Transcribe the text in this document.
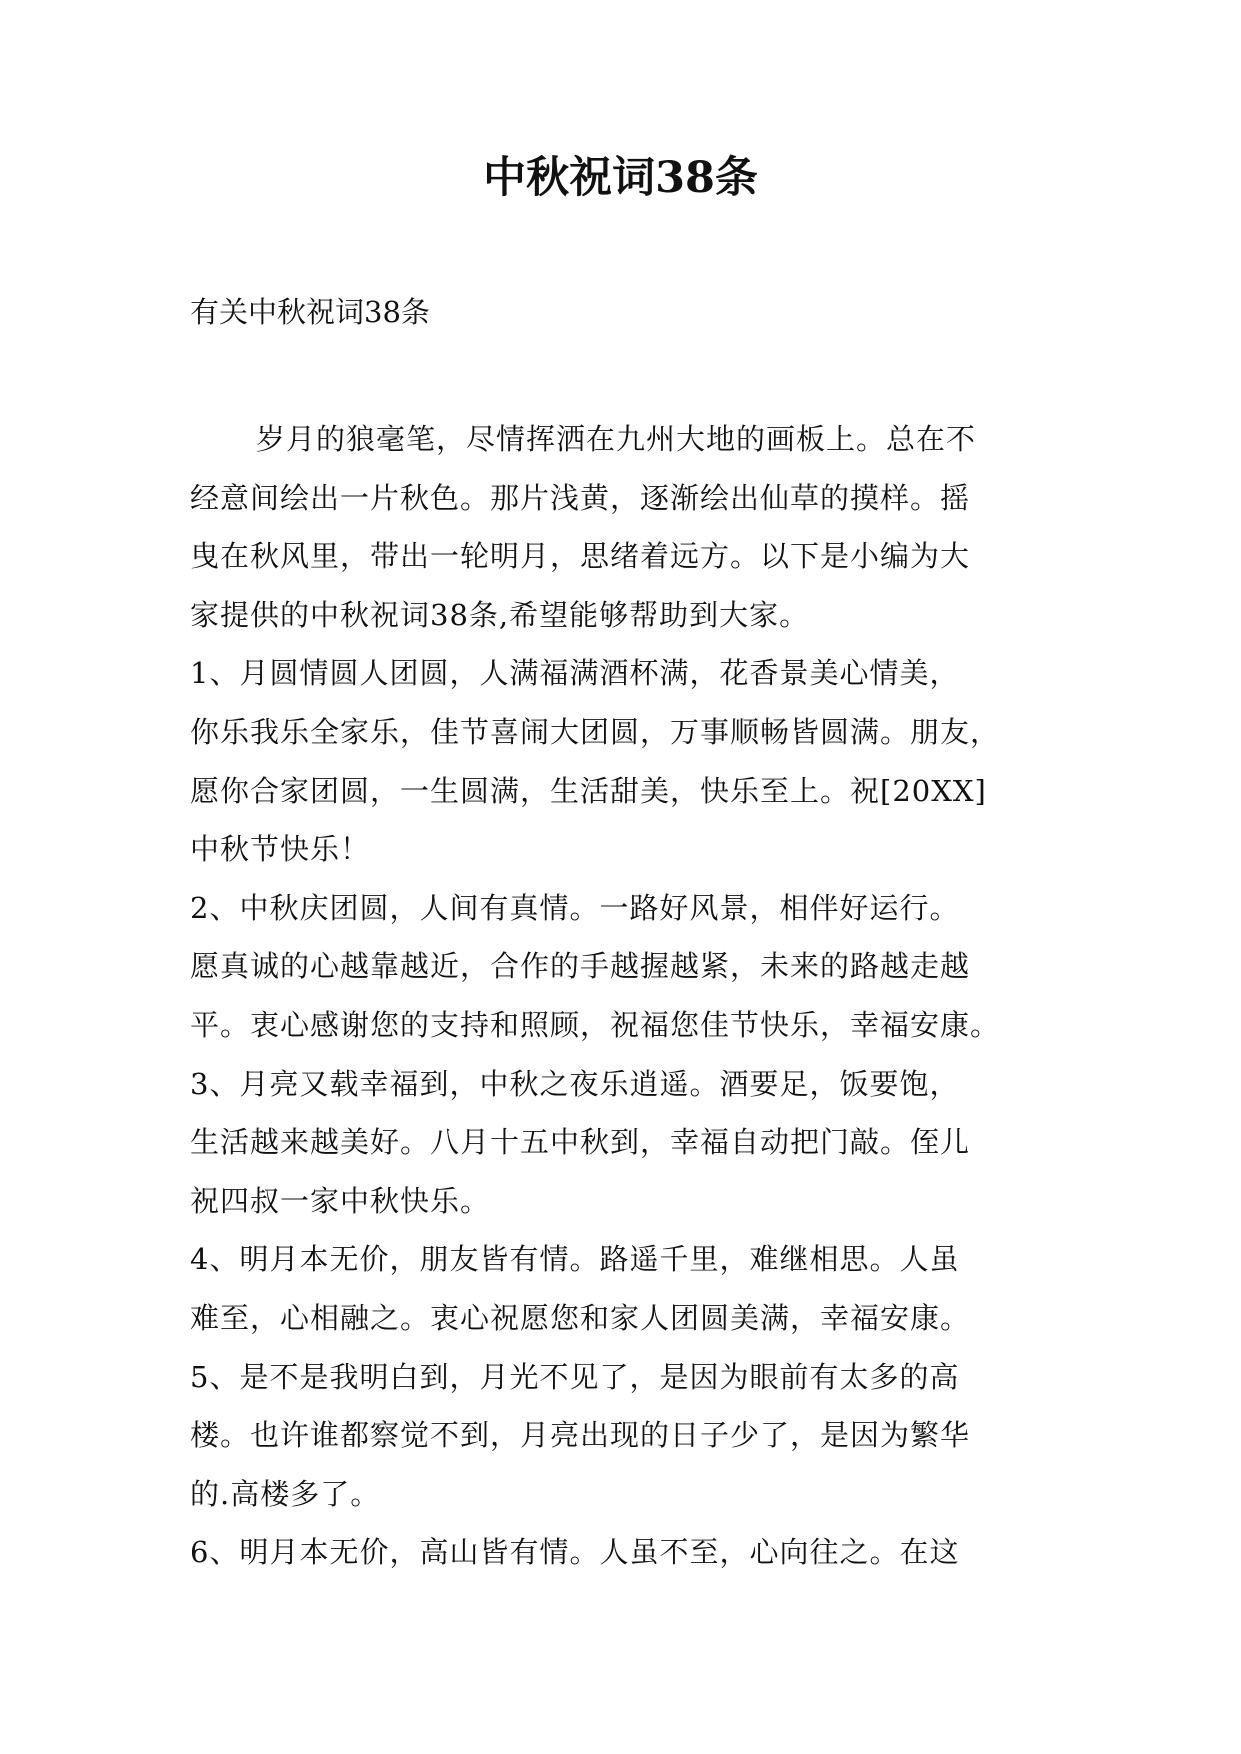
中秋祝词38条

有关中秋祝词38条

岁月的狼毫笔，尽情挥洒在九州大地的画板上。总在不
经意间绘出一片秋色。那片浅黄，逐渐绘出仙草的摸样。摇
曳在秋风里，带出一轮明月，思绪着远方。以下是小编为大
家提供的中秋祝词38条,希望能够帮助到大家。
1、月圆情圆人团圆，人满福满酒杯满，花香景美心情美，
你乐我乐全家乐，佳节喜闹大团圆，万事顺畅皆圆满。朋友，
愿你合家团圆，一生圆满，生活甜美，快乐至上。祝[20XX]
中秋节快乐！
2、中秋庆团圆，人间有真情。一路好风景，相伴好运行。
愿真诚的心越靠越近，合作的手越握越紧，未来的路越走越
平。衷心感谢您的支持和照顾，祝福您佳节快乐，幸福安康。
3、月亮又载幸福到，中秋之夜乐逍遥。酒要足，饭要饱，
生活越来越美好。八月十五中秋到，幸福自动把门敲。侄儿
祝四叔一家中秋快乐。
4、明月本无价，朋友皆有情。路遥千里，难继相思。人虽
难至，心相融之。衷心祝愿您和家人团圆美满，幸福安康。
5、是不是我明白到，月光不见了，是因为眼前有太多的高
楼。也许谁都察觉不到，月亮出现的日子少了，是因为繁华
的.高楼多了。
6、明月本无价，高山皆有情。人虽不至，心向往之。在这
